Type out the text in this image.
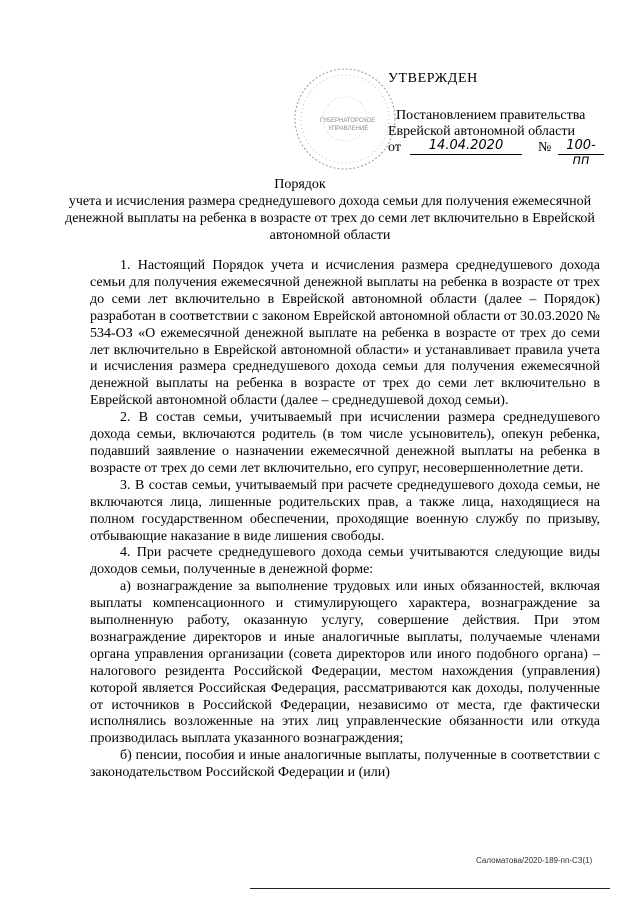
ГУБЕРНАТОРСКОЕ
УПРАВЛЕНИЕ
УТВЕРЖДЕН
Постановлением правительства
Еврейской автономной области
от	14.04.2020	№	100-пп
Порядок
учета и исчисления размера среднедушевого дохода семьи для получения ежемесячной денежной выплаты на ребенка в возрасте от трех до семи лет включительно в Еврейской автономной области

1. Настоящий Порядок учета и исчисления размера среднедушевого дохода семьи для получения ежемесячной денежной выплаты на ребенка в возрасте от трех до семи лет включительно в Еврейской автономной области (далее – Порядок) разработан в соответствии с законом Еврейской автономной области от 30.03.2020 № 534-ОЗ «О ежемесячной денежной выплате на ребенка в возрасте от трех до семи лет включительно в Еврейской автономной области» и устанавливает правила учета и исчисления размера среднедушевого дохода семьи для получения ежемесячной денежной выплаты на ребенка в возрасте от трех до семи лет включительно в Еврейской автономной области (далее – среднедушевой доход семьи).

2. В состав семьи, учитываемый при исчислении размера среднедушевого дохода семьи, включаются родитель (в том числе усыновитель), опекун ребенка, подавший заявление о назначении ежемесячной денежной выплаты на ребенка в возрасте от трех до семи лет включительно, его супруг, несовершеннолетние дети.

3. В состав семьи, учитываемый при расчете среднедушевого дохода семьи, не включаются лица, лишенные родительских прав, а также лица, находящиеся на полном государственном обеспечении, проходящие военную службу по призыву, отбывающие наказание в виде лишения свободы.

4. При расчете среднедушевого дохода семьи учитываются следующие виды доходов семьи, полученные в денежной форме:

а) вознаграждение за выполнение трудовых или иных обязанностей, включая выплаты компенсационного и стимулирующего характера, вознаграждение за выполненную работу, оказанную услугу, совершение действия. При этом вознаграждение директоров и иные аналогичные выплаты, получаемые членами органа управления организации (совета директоров или иного подобного органа) – налогового резидента Российской Федерации, местом нахождения (управления) которой является Российская Федерация, рассматриваются как доходы, полученные от источников в Российской Федерации, независимо от места, где фактически исполнялись возложенные на этих лиц управленческие обязанности или откуда производилась выплата указанного вознаграждения;

б) пенсии, пособия и иные аналогичные выплаты, полученные в соответствии с законодательством Российской Федерации и (или)

Саломатова/2020-189-пп-СЗ(1)
